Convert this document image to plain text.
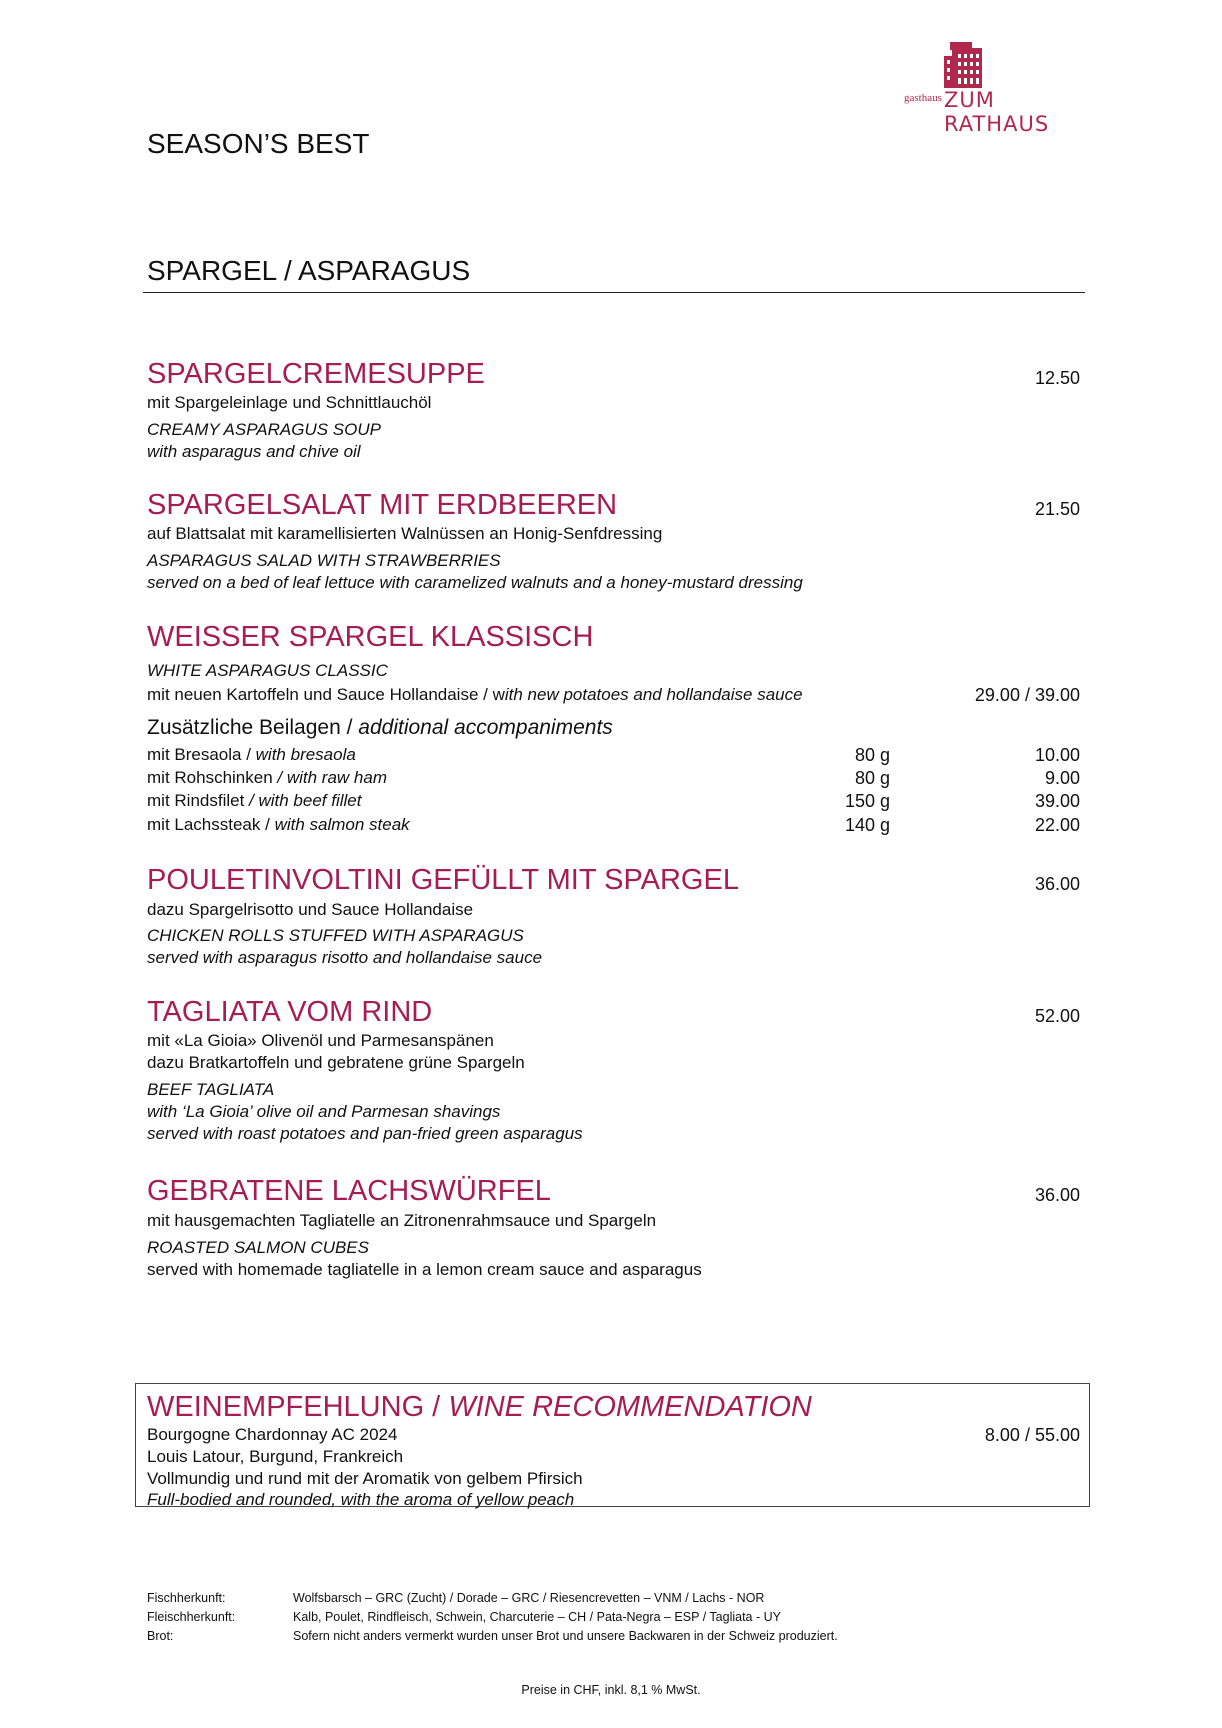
gasthaus ZUM RATHAUS
SEASON’S BEST
SPARGEL / ASPARAGUS
SPARGELCREMESUPPE	12.50
mit Spargeleinlage und Schnittlauchöl
CREAMY ASPARAGUS SOUP
with asparagus and chive oil
SPARGELSALAT MIT ERDBEEREN	21.50
auf Blattsalat mit karamellisierten Walnüssen an Honig-Senfdressing
ASPARAGUS SALAD WITH STRAWBERRIES
served on a bed of leaf lettuce with caramelized walnuts and a honey-mustard dressing
WEISSER SPARGEL KLASSISCH
WHITE ASPARAGUS CLASSIC
mit neuen Kartoffeln und Sauce Hollandaise / with new potatoes and hollandaise sauce	29.00 / 39.00
Zusätzliche Beilagen / additional accompaniments
mit Bresaola / with bresaola	80 g	10.00
mit Rohschinken / with raw ham	80 g	9.00
mit Rindsfilet / with beef fillet	150 g	39.00
mit Lachssteak / with salmon steak	140 g	22.00
POULETINVOLTINI GEFÜLLT MIT SPARGEL	36.00
dazu Spargelrisotto und Sauce Hollandaise
CHICKEN ROLLS STUFFED WITH ASPARAGUS
served with asparagus risotto and hollandaise sauce
TAGLIATA VOM RIND	52.00
mit «La Gioia» Olivenöl und Parmesanspänen
dazu Bratkartoffeln und gebratene grüne Spargeln
BEEF TAGLIATA
with ‘La Gioia’ olive oil and Parmesan shavings
served with roast potatoes and pan-fried green asparagus
GEBRATENE LACHSWÜRFEL	36.00
mit hausgemachten Tagliatelle an Zitronenrahmsauce und Spargeln
ROASTED SALMON CUBES
served with homemade tagliatelle in a lemon cream sauce and asparagus
WEINEMPFEHLUNG / WINE RECOMMENDATION
Bourgogne Chardonnay AC 2024	8.00 / 55.00
Louis Latour, Burgund, Frankreich
Vollmundig und rund mit der Aromatik von gelbem Pfirsich
Full-bodied and rounded, with the aroma of yellow peach
Fischherkunft:	Wolfsbarsch – GRC (Zucht) / Dorade – GRC / Riesencrevetten – VNM / Lachs - NOR
Fleischherkunft:	Kalb, Poulet, Rindfleisch, Schwein, Charcuterie – CH / Pata-Negra – ESP / Tagliata - UY
Brot:	Sofern nicht anders vermerkt wurden unser Brot und unsere Backwaren in der Schweiz produziert.
Preise in CHF, inkl. 8,1 % MwSt.
